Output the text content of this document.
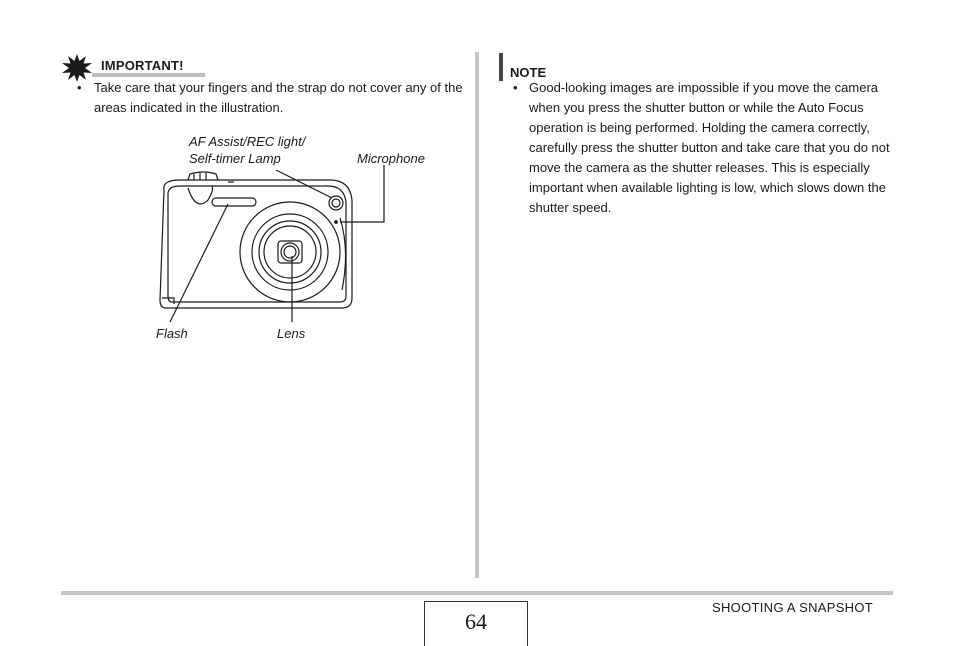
IMPORTANT!
• Take care that your fingers and the strap do not cover any of the areas indicated in the illustration.
AF Assist/REC light/
Self-timer Lamp	Microphone
Flash	Lens
NOTE
• Good-looking images are impossible if you move the camera when you press the shutter button or while the Auto Focus operation is being performed. Holding the camera correctly, carefully press the shutter button and take care that you do not move the camera as the shutter releases. This is especially important when available lighting is low, which slows down the shutter speed.
64
SHOOTING A SNAPSHOT
